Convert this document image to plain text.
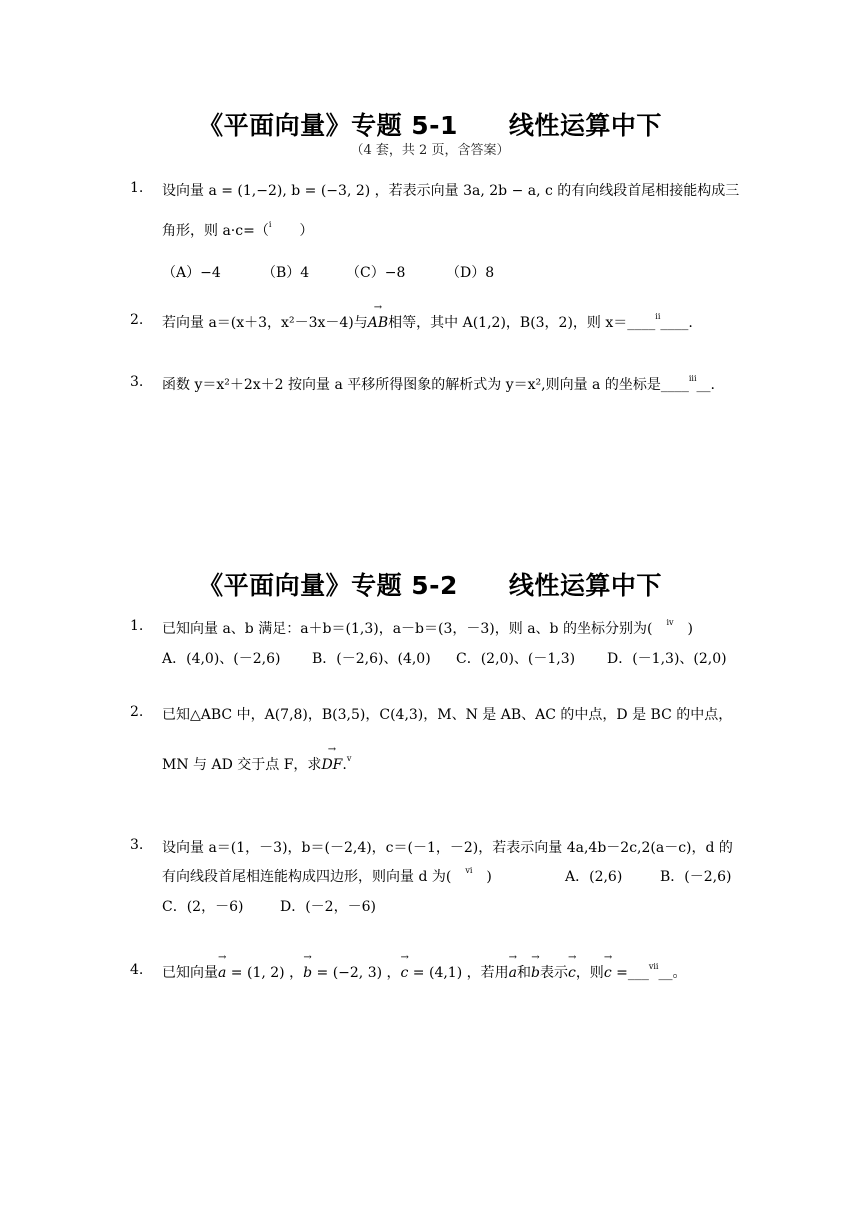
《平面向量》专题 5-1　　线性运算中下
（4 套，共 2 页，含答案）
1. 设向量 a = (1,−2), b = (−3, 2) ，若表示向量 3a, 2b − a, c 的有向线段首尾相接能构成三
角形，则 a·c=（$^i$　　 ）
（A）−4	（B）4	（C）−8	（D）8
2. 若向量 a＝(x＋3，x²－3x－4)与→ AB相等，其中 A(1,2)，B(3，2)，则 x＝____$^{ii}$____.
3. 函数 y＝x²＋2x＋2 按向量 a 平移所得图象的解析式为 y＝x²,则向量 a 的坐标是____$^{iii}$__.
《平面向量》专题 5-2　　线性运算中下
1. 已知向量 a、b 满足：a＋b＝(1,3)，a－b＝(3，－3)，则 a、b 的坐标分别为(　 $^{iv}$　 )
A．(4,0)、(－2,6) B．(－2,6)、(4,0) C．(2,0)、(－1,3) D．(－1,3)、(2,0)
2. 已知△ABC 中，A(7,8)，B(3,5)，C(4,3)，M、N 是 AB、AC 的中点，D 是 BC 的中点，
MN 与 AD 交于点 F，求→ DF.$^v$
3. 设向量 a＝(1，－3)，b＝(－2,4)，c＝(－1，－2)，若表示向量 4a,4b－2c,2(a－c)，d 的
有向线段首尾相连能构成四边形，则向量 d 为(　 $^{vi}$　 )	A．(2,6)	B．(－2,6)
C．(2，－6)	D．(－2，－6)
4. 已知向量→ a = (1, 2) ，→ b = (−2, 3) ，→ c = (4,1) ，若用→ a和→ b表示→ c，则→ c =___$^{vii}$__。
